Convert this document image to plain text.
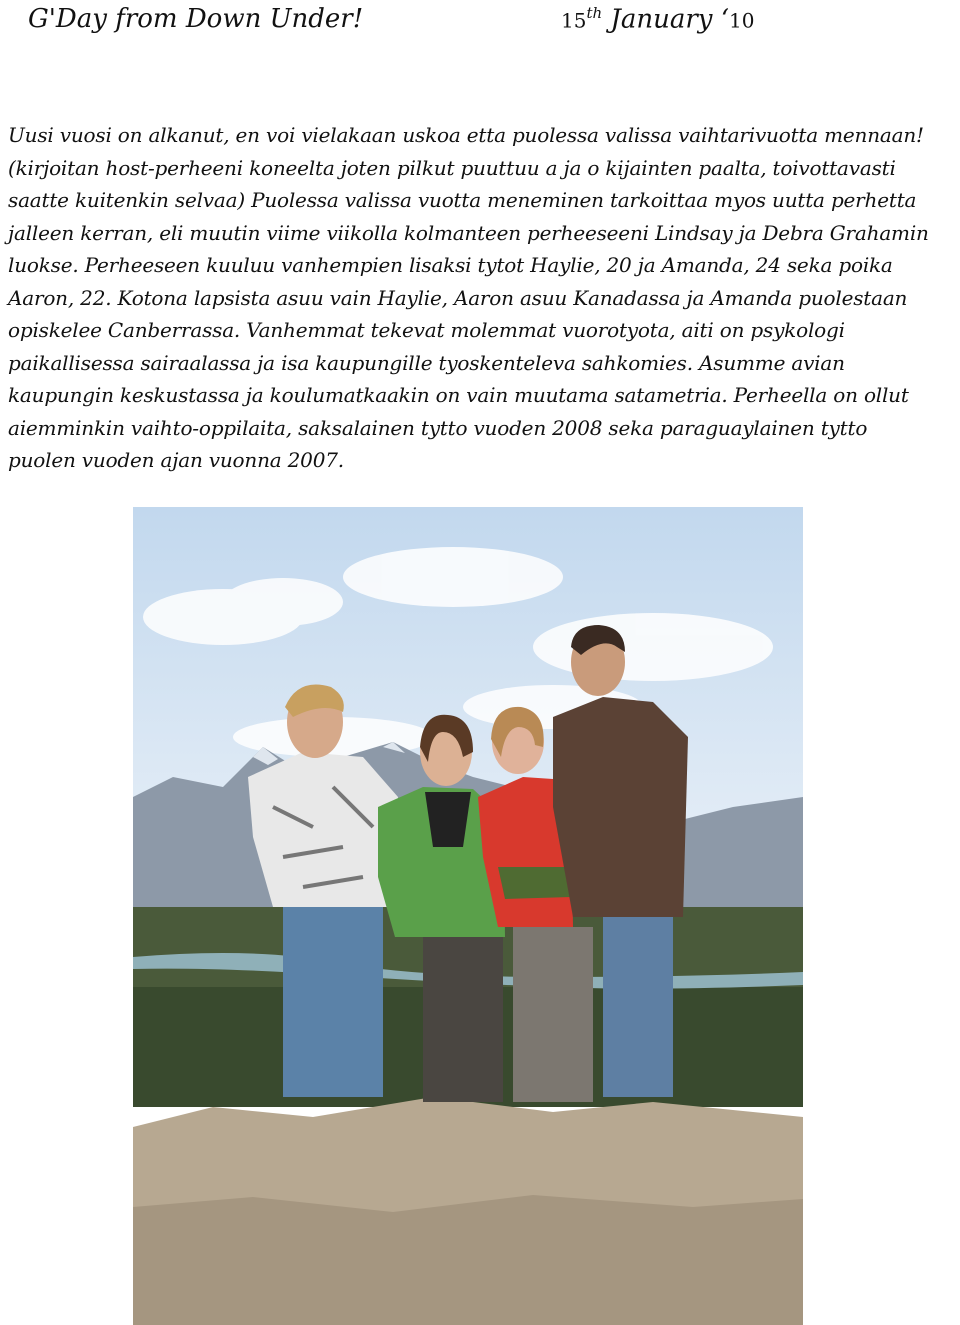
G'Day from Down Under!	15th January ‘10
Uusi vuosi on alkanut, en voi vielakaan uskoa etta puolessa valissa vaihtarivuotta mennaan!
(kirjoitan host-perheeni koneelta joten pilkut puuttuu a ja o kijainten paalta, toivottavasti
saatte kuitenkin selvaa) Puolessa valissa vuotta meneminen tarkoittaa myos uutta perhetta
jalleen kerran, eli muutin viime viikolla kolmanteen perheeseeni Lindsay ja Debra Grahamin
luokse. Perheeseen kuuluu vanhempien lisaksi tytot Haylie, 20 ja Amanda, 24 seka poika
Aaron, 22. Kotona lapsista asuu vain Haylie, Aaron asuu Kanadassa ja Amanda puolestaan
opiskelee Canberrassa. Vanhemmat tekevat molemmat vuorotyota, aiti on psykologi
paikallisessa sairaalassa ja isa kaupungille tyoskenteleva sahkomies. Asumme avian
kaupungin keskustassa ja koulumatkaakin on vain muutama satametria. Perheella on ollut
aiemminkin vaihto-oppilaita, saksalainen tytto vuoden 2008 seka paraguaylainen tytto
puolen vuoden ajan vuonna 2007.
